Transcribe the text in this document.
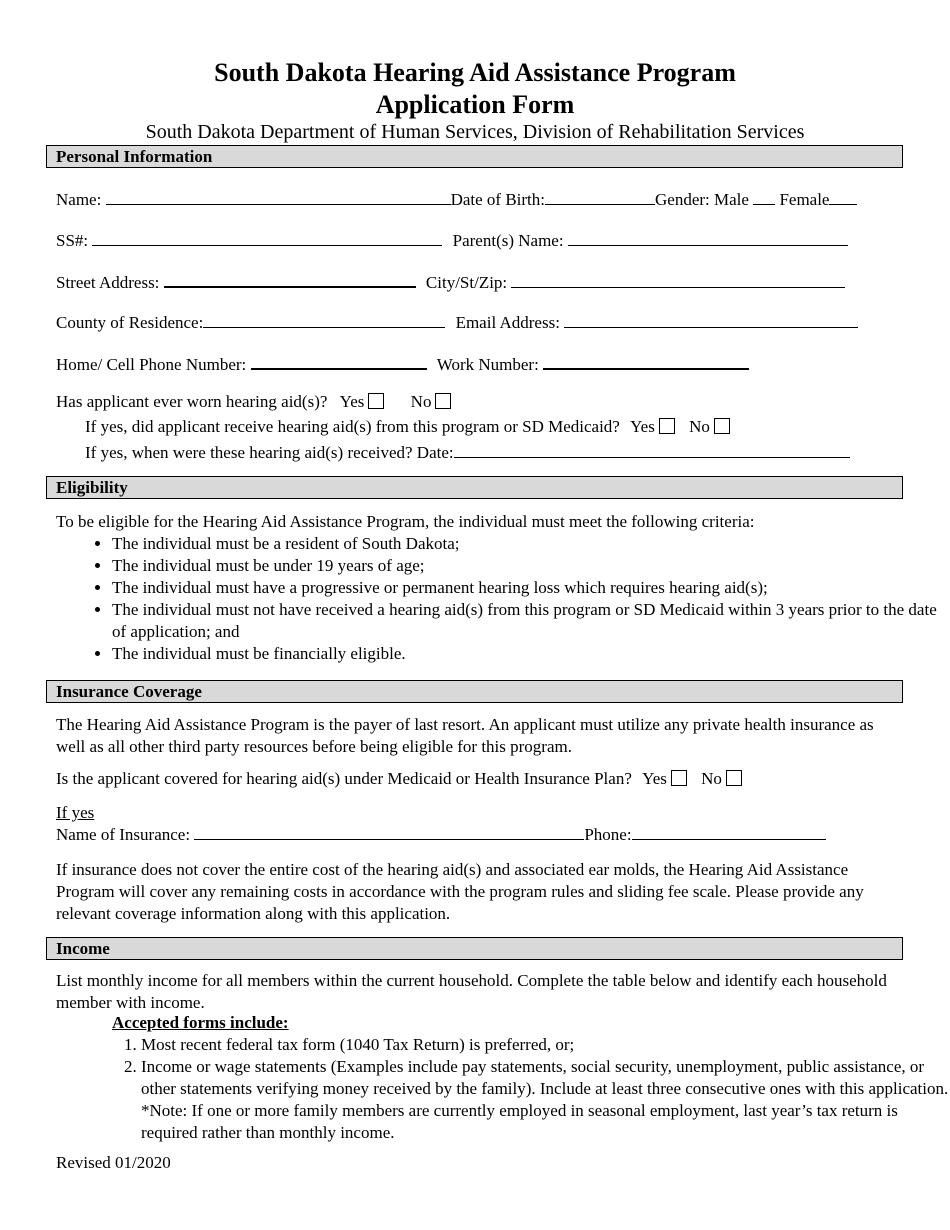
South Dakota Hearing Aid Assistance Program
Application Form
South Dakota Department of Human Services, Division of Rehabilitation Services
Personal Information
Name:	Date of Birth:	Gender: Male Female
SS#:	Parent(s) Name:
Street Address:	City/St/Zip:
County of Residence:	Email Address:
Home/ Cell Phone Number:	Work Number:
Has applicant ever worn hearing aid(s)? Yes	No
If yes, did applicant receive hearing aid(s) from this program or SD Medicaid? Yes No
If yes, when were these hearing aid(s) received? Date:
Eligibility
To be eligible for the Hearing Aid Assistance Program, the individual must meet the following criteria:
• The individual must be a resident of South Dakota;
• The individual must be under 19 years of age;
• The individual must have a progressive or permanent hearing loss which requires hearing aid(s);
• The individual must not have received a hearing aid(s) from this program or SD Medicaid within 3 years prior to the date of application; and
• The individual must be financially eligible.
Insurance Coverage
The Hearing Aid Assistance Program is the payer of last resort. An applicant must utilize any private health insurance as well as all other third party resources before being eligible for this program.
Is the applicant covered for hearing aid(s) under Medicaid or Health Insurance Plan? Yes No
If yes
Name of Insurance:	Phone:
If insurance does not cover the entire cost of the hearing aid(s) and associated ear molds, the Hearing Aid Assistance Program will cover any remaining costs in accordance with the program rules and sliding fee scale. Please provide any relevant coverage information along with this application.
Income
List monthly income for all members within the current household. Complete the table below and identify each household member with income.
Accepted forms include:
1. Most recent federal tax form (1040 Tax Return) is preferred, or;
2. Income or wage statements (Examples include pay statements, social security, unemployment, public assistance, or other statements verifying money received by the family). Include at least three consecutive ones with this application. *Note: If one or more family members are currently employed in seasonal employment, last year’s tax return is required rather than monthly income.
Revised 01/2020
